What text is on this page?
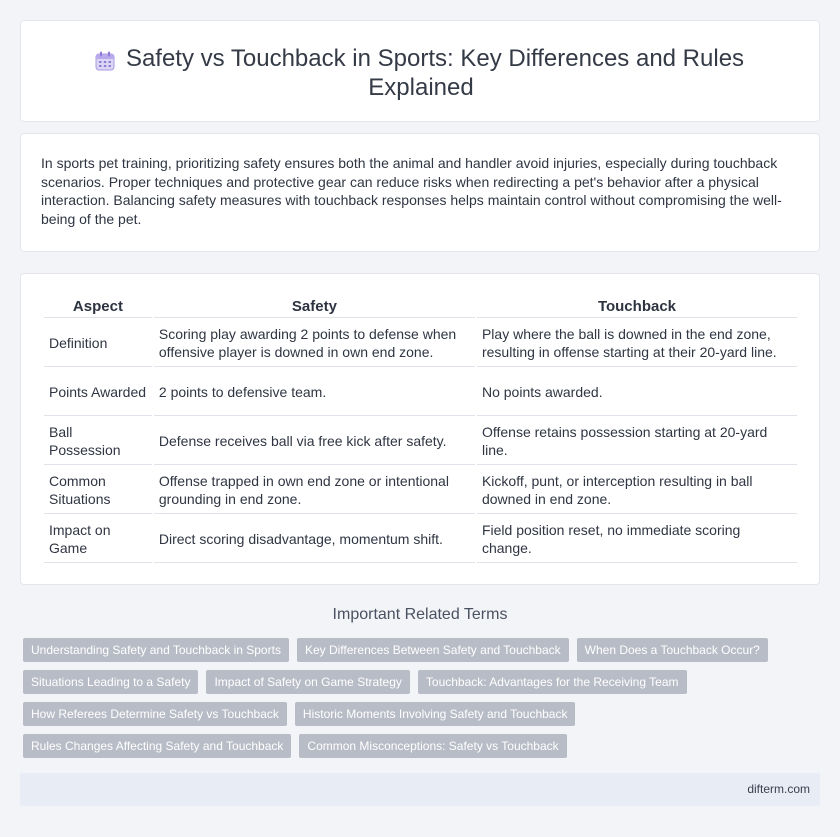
Safety vs Touchback in Sports: Key Differences and Rules
Explained

In sports pet training, prioritizing safety ensures both the animal and handler avoid injuries, especially during touchback scenarios. Proper techniques and protective gear can reduce risks when redirecting a pet's behavior after a physical interaction. Balancing safety measures with touchback responses helps maintain control without compromising the well-being of the pet.

Aspect	Safety	Touchback
Definition	Scoring play awarding 2 points to defense when offensive player is downed in own end zone.	Play where the ball is downed in the end zone, resulting in offense starting at their 20-yard line.
Points Awarded	2 points to defensive team.	No points awarded.
Ball Possession	Defense receives ball via free kick after safety.	Offense retains possession starting at 20-yard line.
Common Situations	Offense trapped in own end zone or intentional grounding in end zone.	Kickoff, punt, or interception resulting in ball downed in end zone.
Impact on Game	Direct scoring disadvantage, momentum shift.	Field position reset, no immediate scoring change.
Important Related Terms
Understanding Safety and Touchback in Sports	Key Differences Between Safety and Touchback	When Does a Touchback Occur?
Situations Leading to a Safety	Impact of Safety on Game Strategy	Touchback: Advantages for the Receiving Team
How Referees Determine Safety vs Touchback	Historic Moments Involving Safety and Touchback
Rules Changes Affecting Safety and Touchback	Common Misconceptions: Safety vs Touchback
difterm.com
